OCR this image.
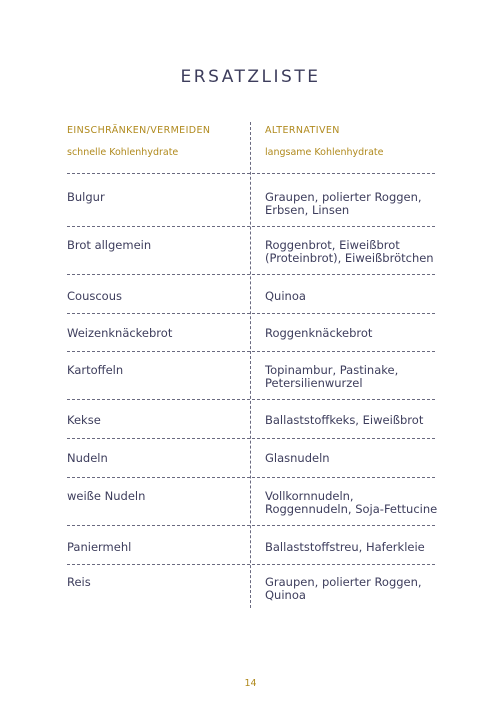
ERSATZLISTE
EINSCHRÄNKEN/VERMEIDEN
schnelle Kohlenhydrate
ALTERNATIVEN
langsame Kohlenhydrate
Bulgur	Graupen, polierter Roggen, Erbsen, Linsen
Brot allgemein	Roggenbrot, Eiweißbrot (Proteinbrot), Eiweißbrötchen
Couscous	Quinoa
Weizenknäckebrot	Roggenknäckebrot
Kartoffeln	Topinambur, Pastinake, Petersilienwurzel
Kekse	Ballaststoffkeks, Eiweißbrot
Nudeln	Glasnudeln
weiße Nudeln	Vollkornnudeln, Roggennudeln, Soja-Fettucine
Paniermehl	Ballaststoffstreu, Haferkleie
Reis	Graupen, polierter Roggen, Quinoa
14
